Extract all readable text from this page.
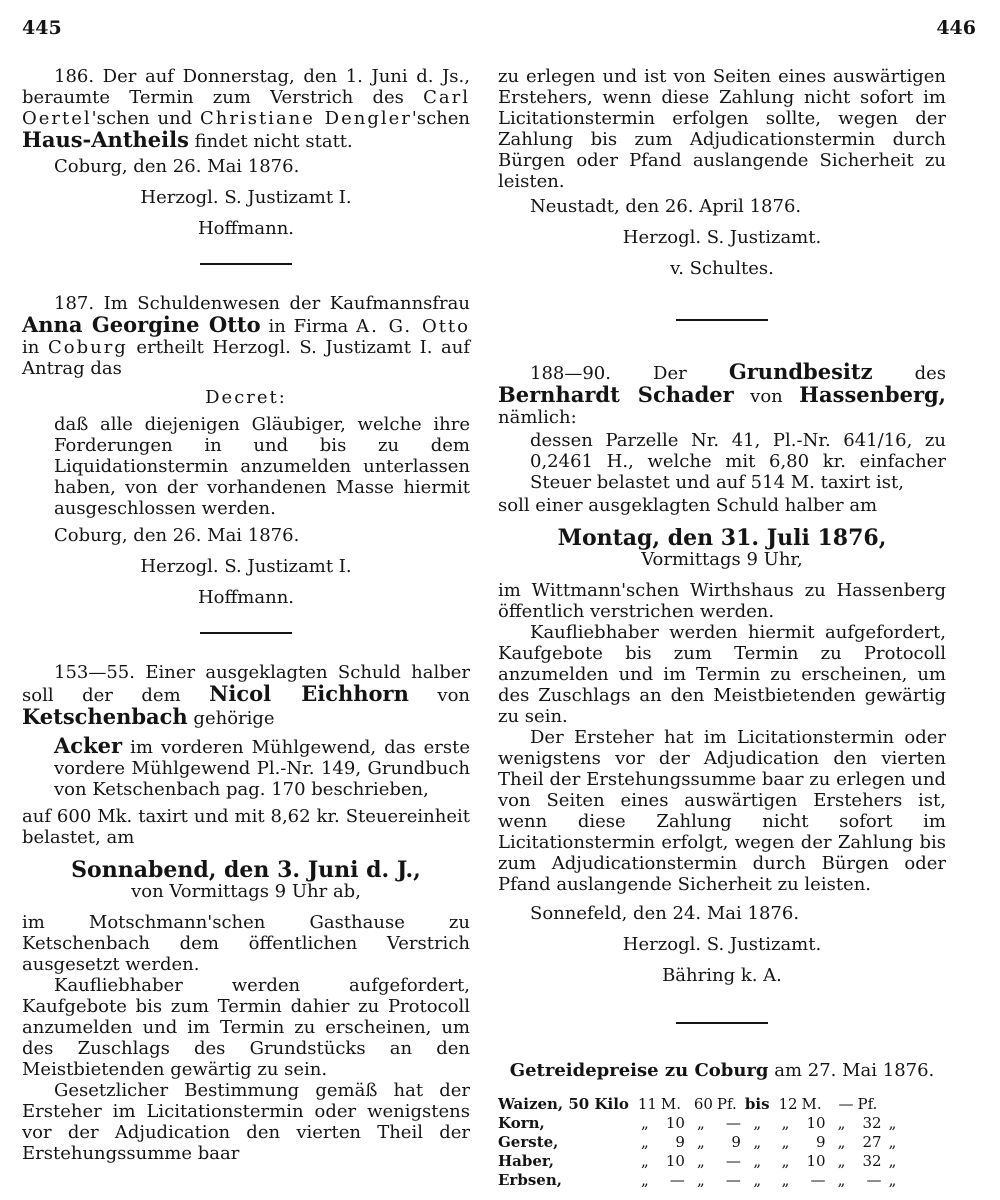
445	446

186. Der auf Donnerstag, den 1. Juni d. Js., beraumte Termin zum Verstrich des Carl Oertel'schen und Christiane Dengler'schen Haus-Antheils findet nicht statt.

Coburg, den 26. Mai 1876.

Herzogl. S. Justizamt I.

Hoffmann.

187. Im Schuldenwesen der Kaufmannsfrau Anna Georgine Otto in Firma A. G. Otto in Coburg ertheilt Herzogl. S. Justizamt I. auf Antrag das

Decret:

daß alle diejenigen Gläubiger, welche ihre Forderungen in und bis zu dem Liquidationstermin anzumelden unterlassen haben, von der vorhandenen Masse hiermit ausgeschlossen werden.

Coburg, den 26. Mai 1876.

Herzogl. S. Justizamt I.

Hoffmann.

153—55. Einer ausgeklagten Schuld halber soll der dem Nicol Eichhorn von Ketschenbach gehörige

Acker im vorderen Mühlgewend, das erste vordere Mühlgewend Pl.-Nr. 149, Grundbuch von Ketschenbach pag. 170 beschrieben,

auf 600 Mk. taxirt und mit 8,62 kr. Steuereinheit belastet, am

Sonnabend, den 3. Juni d. J.,

von Vormittags 9 Uhr ab,

im Motschmann'schen Gasthause zu Ketschenbach dem öffentlichen Verstrich ausgesetzt werden.

Kaufliebhaber werden aufgefordert, Kaufgebote bis zum Termin dahier zu Protocoll anzumelden und im Termin zu erscheinen, um des Zuschlags des Grundstücks an den Meistbietenden gewärtig zu sein.

Gesetzlicher Bestimmung gemäß hat der Ersteher im Licitationstermin oder wenigstens vor der Adjudication den vierten Theil der Erstehungssumme baar

zu erlegen und ist von Seiten eines auswärtigen Erstehers, wenn diese Zahlung nicht sofort im Licitationstermin erfolgen sollte, wegen der Zahlung bis zum Adjudicationstermin durch Bürgen oder Pfand auslangende Sicherheit zu leisten.

Neustadt, den 26. April 1876.

Herzogl. S. Justizamt.

v. Schultes.

188—90. Der Grundbesitz des Bernhardt Schader von Hassenberg, nämlich:

dessen Parzelle Nr. 41, Pl.-Nr. 641/16, zu 0,2461 H., welche mit 6,80 kr. einfacher Steuer belastet und auf 514 M. taxirt ist,

soll einer ausgeklagten Schuld halber am

Montag, den 31. Juli 1876,

Vormittags 9 Uhr,

im Wittmann'schen Wirthshaus zu Hassenberg öffentlich verstrichen werden.

Kaufliebhaber werden hiermit aufgefordert, Kaufgebote bis zum Termin zu Protocoll anzumelden und im Termin zu erscheinen, um des Zuschlags an den Meistbietenden gewärtig zu sein.

Der Ersteher hat im Licitationstermin oder wenigstens vor der Adjudication den vierten Theil der Erstehungssumme baar zu erlegen und von Seiten eines auswärtigen Erstehers ist, wenn diese Zahlung nicht sofort im Licitationstermin erfolgt, wegen der Zahlung bis zum Adjudicationstermin durch Bürgen oder Pfand auslangende Sicherheit zu leisten.

Sonnefeld, den 24. Mai 1876.

Herzogl. S. Justizamt.

Bähring k. A.

Getreidepreise zu Coburg am 27. Mai 1876.

Waizen, 50 Kilo	11	M.	60	Pf.	bis	12	M.	—	Pf.	
Korn,	„	10	„	—	„	„	10	„	32	„
Gerste,	„	9	„	9	„	„	9	„	27	„
Haber,	„	10	„	—	„	„	10	„	32	„
Erbsen,	„	—	„	—	„	„	—	„	—	„
